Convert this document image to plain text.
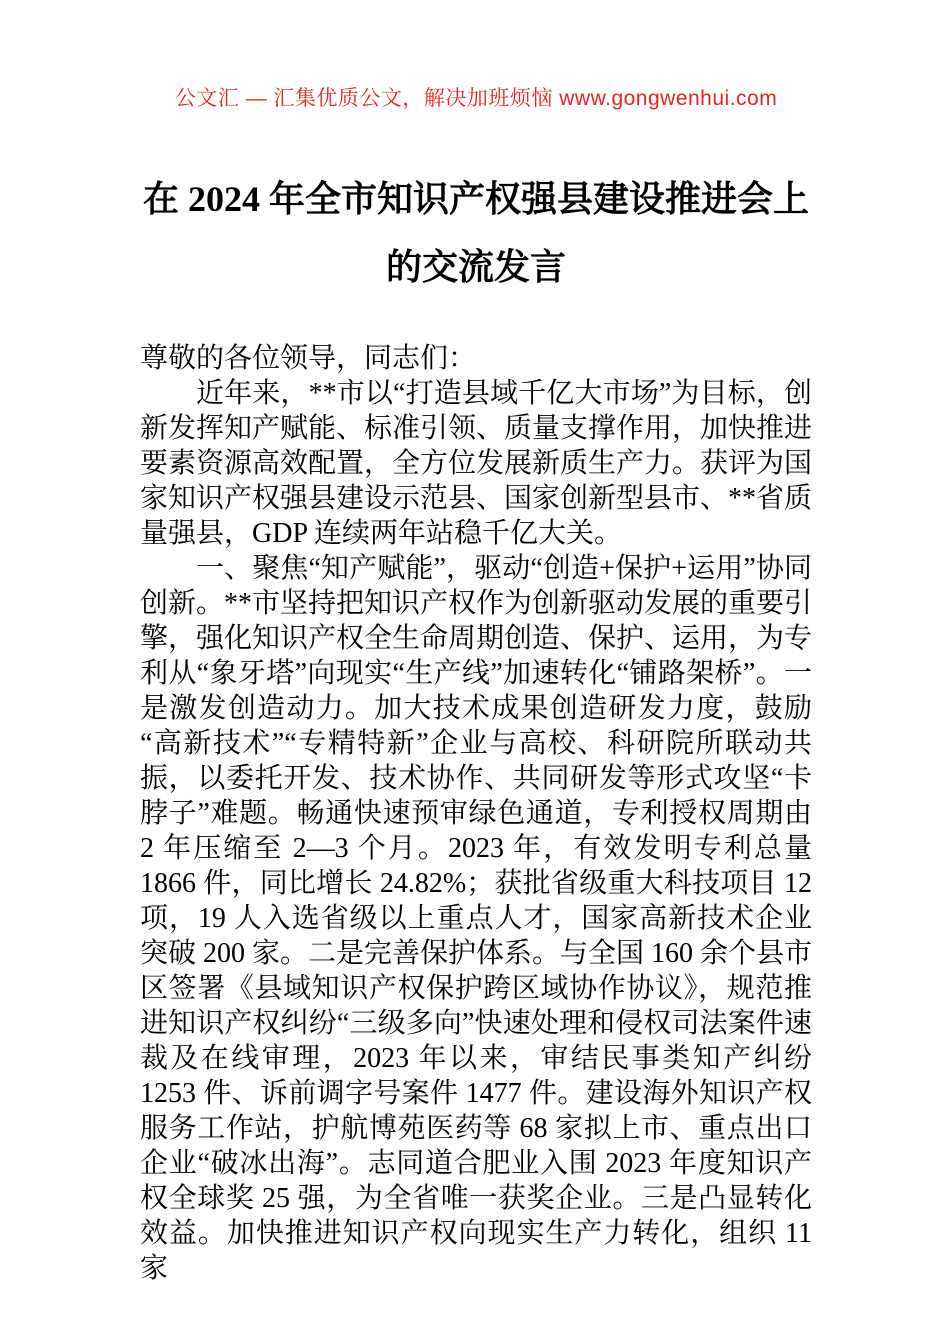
公文汇 — 汇集优质公文，解决加班烦恼 www.gongwenhui.com
在 2024 年全市知识产权强县建设推进会上
的交流发言

尊敬的各位领导，同志们：

近年来，**市以“打造县域千亿大市场”为目标，创新发挥知产赋能、标准引领、质量支撑作用，加快推进要素资源高效配置，全方位发展新质生产力。获评为国家知识产权强县建设示范县、国家创新型县市、**省质量强县，GDP 连续两年站稳千亿大关。

一、聚焦“知产赋能”，驱动“创造+保护+运用”协同创新。**市坚持把知识产权作为创新驱动发展的重要引擎，强化知识产权全生命周期创造、保护、运用，为专利从“象牙塔”向现实“生产线”加速转化“铺路架桥”。一是激发创造动力。加大技术成果创造研发力度，鼓励“高新技术”“专精特新”企业与高校、科研院所联动共振，以委托开发、技术协作、共同研发等形式攻坚“卡脖子”难题。畅通快速预审绿色通道，专利授权周期由 2 年压缩至 2—3 个月。2023 年，有效发明专利总量 1866 件，同比增长 24.82%；获批省级重大科技项目 12 项，19 人入选省级以上重点人才，国家高新技术企业突破 200 家。二是完善保护体系。与全国 160 余个县市区签署《县域知识产权保护跨区域协作协议》，规范推进知识产权纠纷“三级多向”快速处理和侵权司法案件速裁及在线审理，2023 年以来，审结民事类知产纠纷 1253 件、诉前调字号案件 1477 件。建设海外知识产权服务工作站，护航博苑医药等 68 家拟上市、重点出口企业“破冰出海”。志同道合肥业入围 2023 年度知识产权全球奖 25 强，为全省唯一获奖企业。三是凸显转化效益。加快推进知识产权向现实生产力转化，组织 11 家
